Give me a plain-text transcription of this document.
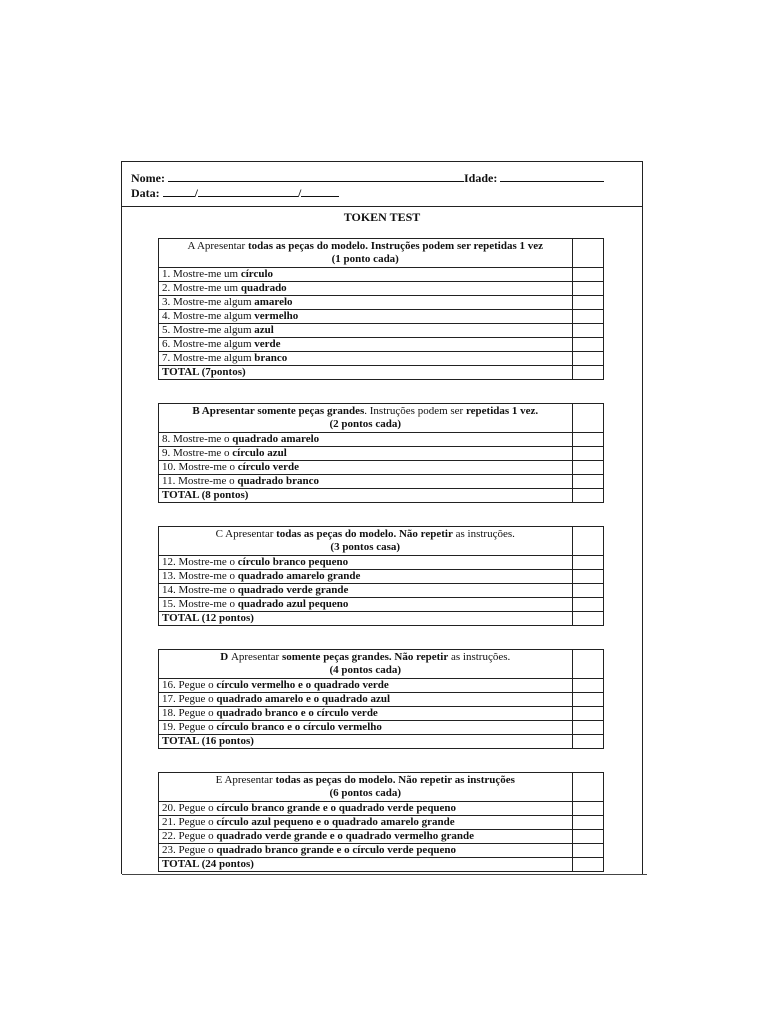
Nome:	Idade:
Data:	/	/
TOKEN TEST
A Apresentar todas as peças do modelo. Instruções podem ser repetidas 1 vez
(1 ponto cada)	

1. Mostre-me um círculo	
2. Mostre-me um quadrado	
3. Mostre-me algum amarelo	
4. Mostre-me algum vermelho	
5. Mostre-me algum azul	
6. Mostre-me algum verde	
7. Mostre-me algum branco	
TOTAL (7pontos)	
B Apresentar somente peças grandes. Instruções podem ser repetidas 1 vez.
(2 pontos cada)	

8. Mostre-me o quadrado amarelo	
9. Mostre-me o círculo azul	
10. Mostre-me o círculo verde	
11. Mostre-me o quadrado branco	
TOTAL (8 pontos)	
C Apresentar todas as peças do modelo. Não repetir as instruções.
(3 pontos casa)	

12. Mostre-me o círculo branco pequeno	
13. Mostre-me o quadrado amarelo grande	
14. Mostre-me o quadrado verde grande	
15. Mostre-me o quadrado azul pequeno	
TOTAL (12 pontos)	
D Apresentar somente peças grandes. Não repetir as instruções.
(4 pontos cada)	

16. Pegue o círculo vermelho e o quadrado verde	
17. Pegue o quadrado amarelo e o quadrado azul	
18. Pegue o quadrado branco e o círculo verde	
19. Pegue o círculo branco e o círculo vermelho	
TOTAL (16 pontos)	
E Apresentar todas as peças do modelo. Não repetir as instruções
(6 pontos cada)	

20. Pegue o círculo branco grande e o quadrado verde pequeno	
21. Pegue o círculo azul pequeno e o quadrado amarelo grande	
22. Pegue o quadrado verde grande e o quadrado vermelho grande	
23. Pegue o quadrado branco grande e o círculo verde pequeno	
TOTAL (24 pontos)	
